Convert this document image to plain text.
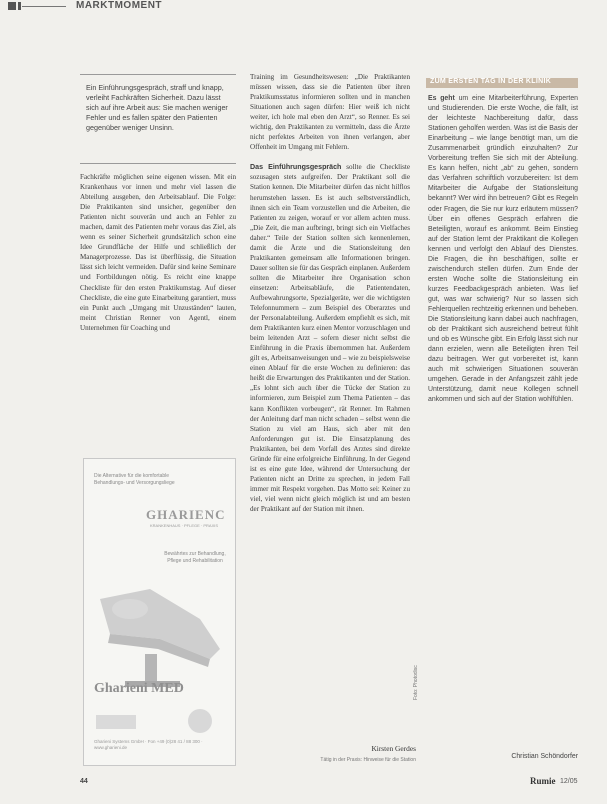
MARKTMOMENT
Ein Einführungsgespräch, straff und knapp, verleiht Fachkräften Sicherheit. Dazu lässt sich auf ihre Arbeit aus: Sie machen weniger Fehler und es fallen später den Patienten gegenüber weniger Unsinn.

Fachkräfte möglichen seine eigenen wissen. Mit ein Krankenhaus vor innen und mehr viel lassen die Abteilung ausgeben, den Arbeitsablauf. Die Folge: Die Praktikanten sind unsicher, gegenüber den Patienten nicht souverän und auch an Fehler zu machen, damit des Patienten mehr voraus das Ziel, als wenn es seiner Sicherheit grundsätzlich schon eine Idee Grundfläche der Hilfe und schließlich der Managerprozesse. Das ist überflüssig, die Situation lässt sich leicht vermeiden. Dafür sind keine Seminare und Fortbildungen nötig. Es reicht eine knappe Checkliste für den ersten Praktikumstag. Auf dieser Checkliste, die eine gute Einarbeitung garantiert, muss ein Punkt auch „Umgang mit Unzuständen“ lauten, meint Christian Renner von Agentl, einem Unternehmen für Coaching und

Die Alternative für die komfortable Behandlungs- und Versorgungsliege
GHARIENC
KRANKENHAUS · PFLEGE · PRAXIS
Bewährtes zur Behandlung, Pflege und Rehabilitation
Gharieni MED
Gharieni Systems GmbH · Fon +49 (0)28 41 / 88 300 · www.gharieni.de

Training im Gesundheitswesen: „Die Praktikanten müssen wissen, dass sie die Patienten über ihren Praktikumsstatus informieren sollten und in manchen Situationen auch sagen dürfen: Hier weiß ich nicht weiter, ich hole mal eben den Arzt“, so Renner. Es sei wichtig, den Praktikanten zu vermitteln, dass die Ärzte nicht perfektes Arbeiten von ihnen verlangen, aber Offenheit im Umgang mit Fehlern.

Das Einführungsgespräch sollte die Checkliste sozusagen stets aufgreifen. Der Praktikant soll die Station kennen. Die Mitarbeiter dürfen das nicht hilflos herumstehen lassen. Es ist auch selbstverständlich, ihnen sich ein Team vorzustellen und die Arbeiten, die Patienten zu zeigen, worauf er vor allem achten muss. „Die Zeit, die man aufbringt, bringt sich ein Vielfaches daher.“ Teile der Station sollten sich kennenlernen, damit die Ärzte und die Stationsleitung den Praktikanten gemeinsam alle Informationen bringen. Dauer sollten sie für das Gespräch einplanen. Außerdem sollten die Mitarbeiter ihre Organisation schon einsetzen: Arbeitsabläufe, die Patientendaten, Aufbewahrungsorte, Spezialgeräte, wer die wichtigsten Telefonnummern – zum Beispiel des Oberarztes und der Personalabteilung. Außerdem empfiehlt es sich, mit dem Praktikanten kurz einen Mentor vorzuschlagen und beim leitenden Arzt – sofern dieser nicht selbst die Einführung in die Praxis übernommen hat. Außerdem gilt es, Arbeitsanweisungen und – wie zu beispielsweise einen Ablauf für die erste Wochen zu definieren: das heißt die Erwartungen des Praktikanten und der Station. „Es lohnt sich auch über die Tücke der Station zu informieren, zum Beispiel zum Thema Patienten – das kann Konflikten vorbeugen“, rät Renner. Im Rahmen der Anleitung darf man nicht schaden – selbst wenn die Station zu viel am Haus, sich aber mit den Anforderungen gut ist. Die Einsatzplanung des Praktikanten, bei dem Vorfall des Arztes sind direkte Gründe für eine erfolgreiche Einführung. In der Gegend ist es eine gute Idee, während der Untersuchung der Patienten nicht an Dritte zu sprechen, in jedem Fall immer mit Respekt vorgehen. Das Motto sei: Keiner zu viel, viel wenn nicht gleich möglich ist und am besten der Praktikant auf der Station mit ihnen.

Kirsten Gerdes
Tätig in der Praxis: Hinweise für die Station
Foto: Photodisc
ZUM ERSTEN TAG IN DER KLINIK

Es geht um eine Mitarbeiterführung, Experten und Studierenden. Die erste Woche, die fällt, ist der leichteste Nachbereitung dafür, dass Stationen geholfen werden. Was ist die Basis der Einarbeitung – wie lange benötigt man, um die Zusammenarbeit gründlich einzuhalten? Zur Vorbereitung treffen Sie sich mit der Abteilung. Es kann helfen, nicht „ab“ zu gehen, sondern das Verfahren schriftlich vorzubereiten: Ist dem Mitarbeiter die Aufgabe der Stationsleitung bekannt? Wer wird ihn betreuen? Gibt es Regeln oder Fragen, die Sie nur kurz erläutern müssen? Über ein offenes Gespräch erfahren die Beteiligten, worauf es ankommt. Beim Einstieg auf der Station lernt der Praktikant die Kollegen kennen und verfolgt den Ablauf des Dienstes. Die Fragen, die ihn beschäftigen, sollte er zwischendurch stellen dürfen. Zum Ende der ersten Woche sollte die Stationsleitung ein kurzes Feedbackgespräch anbieten. Was lief gut, was war schwierig? Nur so lassen sich Fehlerquellen rechtzeitig erkennen und beheben. Die Stationsleitung kann dabei auch nachfragen, ob der Praktikant sich ausreichend betreut fühlt und ob es Wünsche gibt. Ein Erfolg lässt sich nur dann erzielen, wenn alle Beteiligten ihren Teil dazu beitragen. Wer gut vorbereitet ist, kann auch mit schwierigen Situationen souverän umgehen. Gerade in der Anfangszeit zählt jede Unterstützung, damit neue Kollegen schnell ankommen und sich auf der Station wohlfühlen.

Christian Schöndorfer
44	Rumie 12/05
